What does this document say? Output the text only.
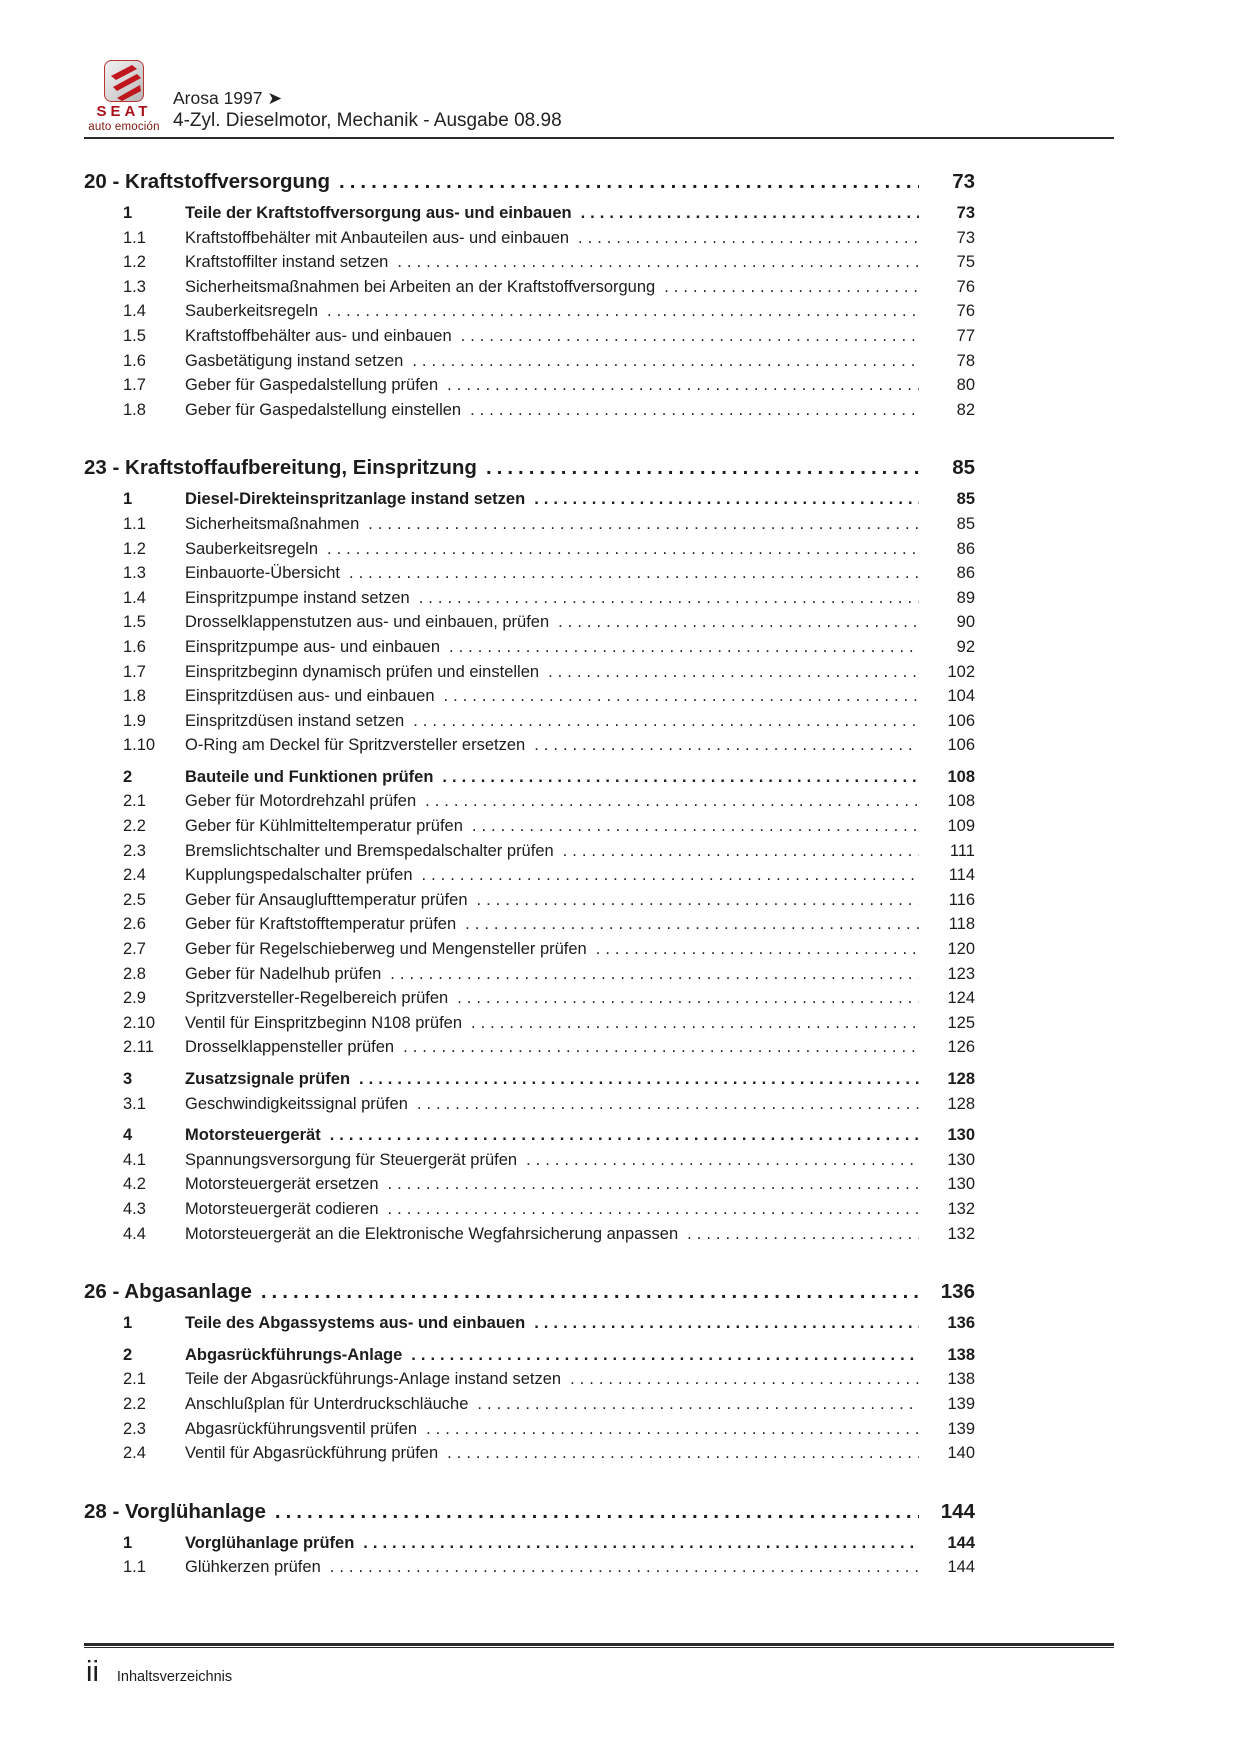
SEAT
auto emoción
Arosa 1997 ➤
4-Zyl. Dieselmotor, Mechanik - Ausgabe 08.98
20 - Kraftstoffversorgung .....	73
1	Teile der Kraftstoffversorgung aus- und einbauen .....	73
1.1	Kraftstoffbehälter mit Anbauteilen aus- und einbauen .....	73
1.2	Kraftstoffilter instand setzen .....	75
1.3	Sicherheitsmaßnahmen bei Arbeiten an der Kraftstoffversorgung .....	76
1.4	Sauberkeitsregeln .....	76
1.5	Kraftstoffbehälter aus- und einbauen .....	77
1.6	Gasbetätigung instand setzen .....	78
1.7	Geber für Gaspedalstellung prüfen .....	80
1.8	Geber für Gaspedalstellung einstellen .....	82
23 - Kraftstoffaufbereitung, Einspritzung .....	85
1	Diesel-Direkteinspritzanlage instand setzen .....	85
1.1	Sicherheitsmaßnahmen .....	85
1.2	Sauberkeitsregeln .....	86
1.3	Einbauorte-Übersicht .....	86
1.4	Einspritzpumpe instand setzen .....	89
1.5	Drosselklappenstutzen aus- und einbauen, prüfen .....	90
1.6	Einspritzpumpe aus- und einbauen .....	92
1.7	Einspritzbeginn dynamisch prüfen und einstellen .....	102
1.8	Einspritzdüsen aus- und einbauen .....	104
1.9	Einspritzdüsen instand setzen .....	106
1.10	O-Ring am Deckel für Spritzversteller ersetzen .....	106
2	Bauteile und Funktionen prüfen .....	108
2.1	Geber für Motordrehzahl prüfen .....	108
2.2	Geber für Kühlmitteltemperatur prüfen .....	109
2.3	Bremslichtschalter und Bremspedalschalter prüfen .....	111
2.4	Kupplungspedalschalter prüfen .....	114
2.5	Geber für Ansauglufttemperatur prüfen .....	116
2.6	Geber für Kraftstofftemperatur prüfen .....	118
2.7	Geber für Regelschieberweg und Mengensteller prüfen .....	120
2.8	Geber für Nadelhub prüfen .....	123
2.9	Spritzversteller-Regelbereich prüfen .....	124
2.10	Ventil für Einspritzbeginn N108 prüfen .....	125
2.11	Drosselklappensteller prüfen .....	126
3	Zusatzsignale prüfen .....	128
3.1	Geschwindigkeitssignal prüfen .....	128
4	Motorsteuergerät .....	130
4.1	Spannungsversorgung für Steuergerät prüfen .....	130
4.2	Motorsteuergerät ersetzen .....	130
4.3	Motorsteuergerät codieren .....	132
4.4	Motorsteuergerät an die Elektronische Wegfahrsicherung anpassen .....	132
26 - Abgasanlage .....	136
1	Teile des Abgassystems aus- und einbauen .....	136
2	Abgasrückführungs-Anlage .....	138
2.1	Teile der Abgasrückführungs-Anlage instand setzen .....	138
2.2	Anschlußplan für Unterdruckschläuche .....	139
2.3	Abgasrückführungsventil prüfen .....	139
2.4	Ventil für Abgasrückführung prüfen .....	140
28 - Vorglühanlage .....	144
1	Vorglühanlage prüfen .....	144
1.1	Glühkerzen prüfen .....	144
ii Inhaltsverzeichnis
